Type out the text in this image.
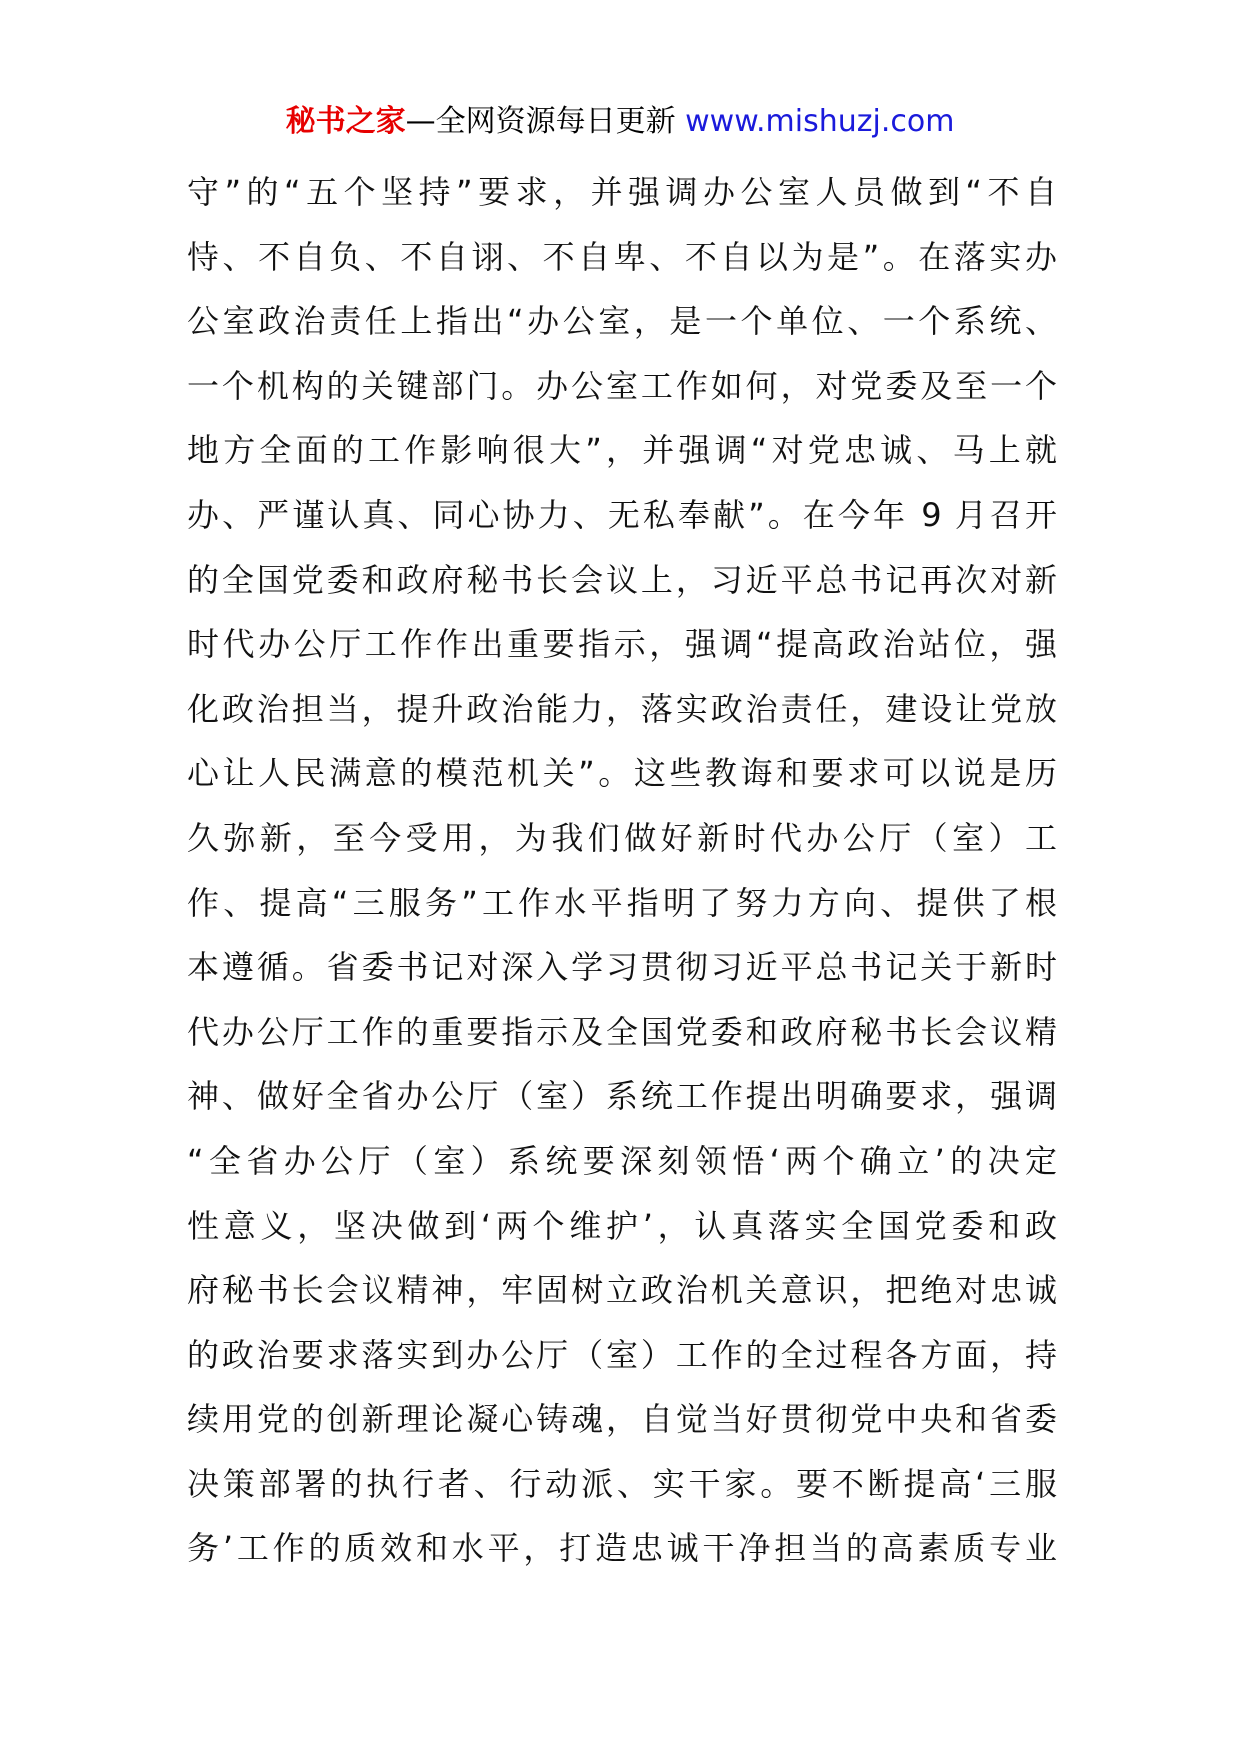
秘书之家—全网资源每日更新 www.mishuzj.com
守”的“五个坚持”要求，并强调办公室人员做到“不自
恃、不自负、不自诩、不自卑、不自以为是”。在落实办
公室政治责任上指出“办公室，是一个单位、一个系统、
一个机构的关键部门。办公室工作如何，对党委及至一个
地方全面的工作影响很大”，并强调“对党忠诚、马上就
办、严谨认真、同心协力、无私奉献”。在今年 9 月召开
的全国党委和政府秘书长会议上，习近平总书记再次对新
时代办公厅工作作出重要指示，强调“提高政治站位，强
化政治担当，提升政治能力，落实政治责任，建设让党放
心让人民满意的模范机关”。这些教诲和要求可以说是历
久弥新，至今受用，为我们做好新时代办公厅（室）工
作、提高“三服务”工作水平指明了努力方向、提供了根
本遵循。省委书记对深入学习贯彻习近平总书记关于新时
代办公厅工作的重要指示及全国党委和政府秘书长会议精
神、做好全省办公厅（室）系统工作提出明确要求，强调
“全省办公厅（室）系统要深刻领悟‘两个确立’的决定
性意义，坚决做到‘两个维护’，认真落实全国党委和政
府秘书长会议精神，牢固树立政治机关意识，把绝对忠诚
的政治要求落实到办公厅（室）工作的全过程各方面，持
续用党的创新理论凝心铸魂，自觉当好贯彻党中央和省委
决策部署的执行者、行动派、实干家。要不断提高‘三服
务’工作的质效和水平，打造忠诚干净担当的高素质专业
